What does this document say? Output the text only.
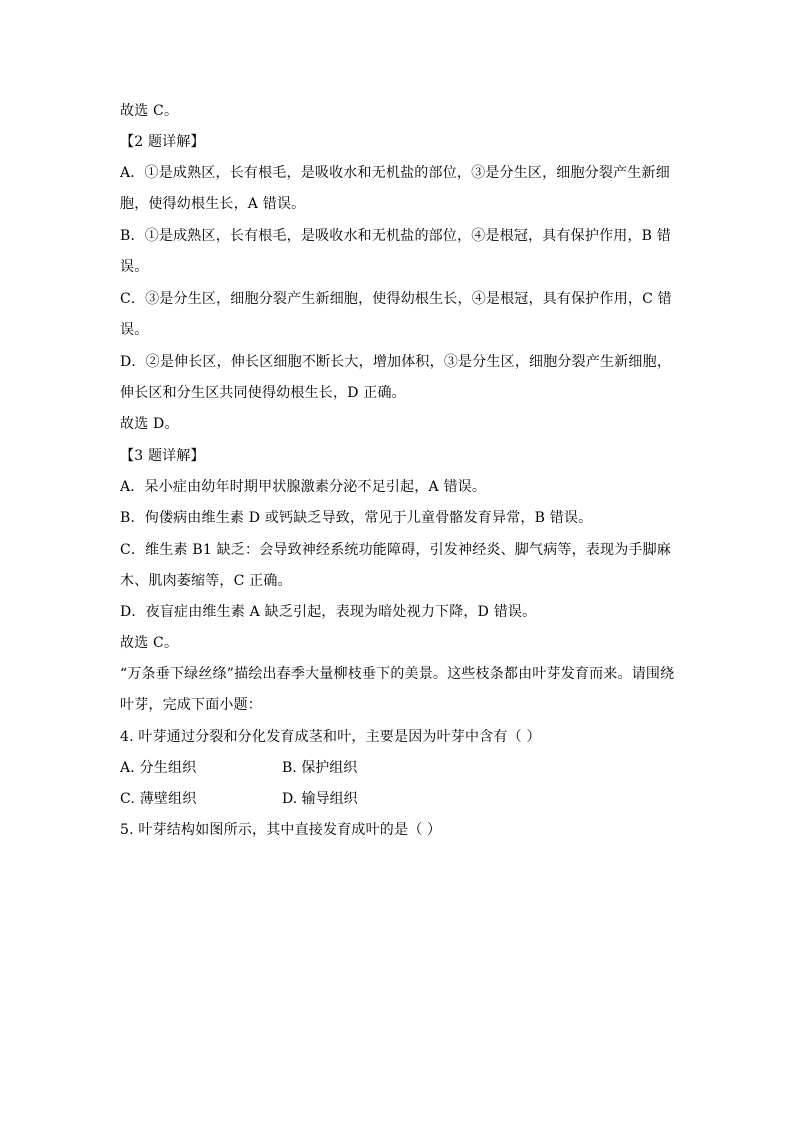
故选 C。
【2 题详解】
A．①是成熟区，长有根毛，是吸收水和无机盐的部位，③是分生区，细胞分裂产生新细
胞，使得幼根生长，A 错误。
B．①是成熟区，长有根毛，是吸收水和无机盐的部位，④是根冠，具有保护作用，B 错
误。
C．③是分生区，细胞分裂产生新细胞，使得幼根生长，④是根冠，具有保护作用，C 错
误。
D．②是伸长区，伸长区细胞不断长大，增加体积，③是分生区，细胞分裂产生新细胞，
伸长区和分生区共同使得幼根生长，D 正确。
故选 D。
【3 题详解】
A．呆小症由幼年时期甲状腺激素分泌不足引起，A 错误。
B．佝偻病由维生素 D 或钙缺乏导致，常见于儿童骨骼发育异常，B 错误。
C．维生素 B1 缺乏：会导致神经系统功能障碍，引发神经炎、脚气病等，表现为手脚麻
木、肌肉萎缩等，C 正确。
D．夜盲症由维生素 A 缺乏引起，表现为暗处视力下降，D 错误。
故选 C。
“万条垂下绿丝绦”描绘出春季大量柳枝垂下的美景。这些枝条都由叶芽发育而来。请围绕
叶芽，完成下面小题：
4. 叶芽通过分裂和分化发育成茎和叶，主要是因为叶芽中含有（ ）
A. 分生组织	B. 保护组织
C. 薄壁组织	D. 输导组织
5. 叶芽结构如图所示，其中直接发育成叶的是（ ）
